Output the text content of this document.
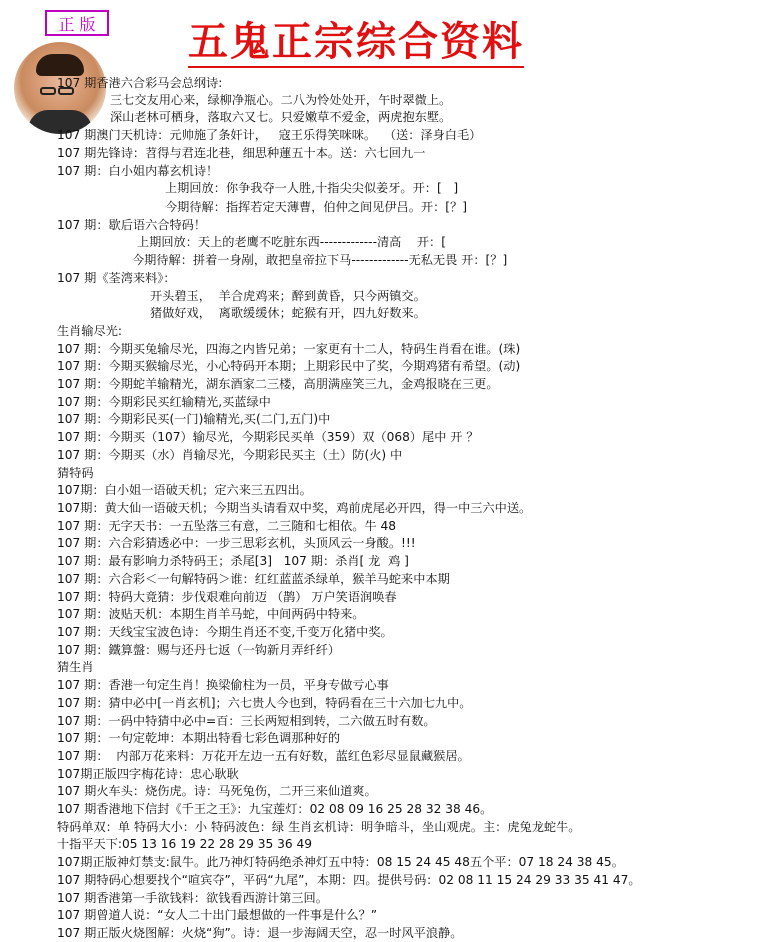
正 版	五鬼正宗综合资料
107 期香港六合彩马会总纲诗:
三七交友用心来，绿柳净瓶心。二八为怜处处开，午时翠微上。
深山老林可栖身，落取六又七。只爱嫩草不爱金，两虎抱东墅。
107 期澳门天机诗：元帅施了条奸计，   寇王乐得笑咪咪。  （送：泽身白毛）
107 期先锋诗：苕得与君连北巷，细思种蓮五十本。送：六七回九一
107 期：白小姐内幕玄机诗！
上期回放：你争我夺一人胜,十指尖尖似姜牙。开：[   ]
今期待解：指挥若定天薄曹，伯仲之间见伊吕。开：[？]
107 期：歇后语六合特码！
上期回放：天上的老鹰不吃脏东西-------------清高    开：[
今期待解：拼着一身剐，敢把皇帝拉下马-------------无私无畏 开：[？]
107 期《荃湾来料》：
开头碧玉，  羊合虎鸡来；醉到黄昏，只今两镇交。
猪做好戏，  离歌缓缓休；蛇猴有开，四九好数来。
生肖输尽光:
107 期：今期买兔输尽光，四海之内皆兄弟；一家更有十二人，特码生肖看在谁。(珠)
107 期：今期买猴输尽光，小心特码开本期；上期彩民中了奖，今期鸡猪有希望。(动)
107 期：今期蛇羊输精光，湖东酒家二三楼，高朋满座笑三九，金鸡报晓在三更。
107 期：今期彩民买红输精光,买蓝绿中
107 期：今期彩民买(一门)输精光,买(二门,五门)中
107 期：今期买（107）输尽光，今期彩民买单（359）双（068）尾中 开 ？
107 期：今期买（水）肖输尽光，今期彩民买主（土）防(火) 中
猜特码
107期：白小姐一语破天机；定六来三五四出。
107期：黄大仙一语破天机；今期当头请看双中奖，鸡前虎尾必开四，得一中三六中送。
107 期：无字天书：一五坠落三有意，二三随和七相依。牛 48
107 期：六合彩猜透必中：一步三思彩玄机，头顶风云一身酸。!!!
107 期：最有影响力杀特码王；杀尾[3]   107 期：杀肖[ 龙  鸡 ]
107 期：六合彩＜一句解特码＞谁：红红蓝蓝杀绿单，猴羊马蛇来中本期
107 期：特码大竟猜：步伐艰难向前迈 （鹊） 万户笑语润唤春
107 期：波贴天机：本期生肖羊马蛇，中间两码中特来。
107 期：天线宝宝波色诗：今期生肖还不变,千变万化猪中奖。
107 期：鐵算盤：赐与还丹七返（一钩新月弄纤纤）
猜生肖
107 期：香港一句定生肖！换梁偷柱为一员，平身专做亏心事
107 期：猜中必中[一肖玄机]；六七贵人今也到，特码看在三十六加七九中。
107 期：一码中特猜中必中=百：三长两短相到转，二六做五时有数。
107 期：一句定乾坤：本期出特看七彩色调那种好的
107 期：  内部万花来料：万花开左边一五有好数，蓝红色彩尽显鼠藏猴居。
107期正版四字梅花诗：忠心耿耿
107 期火车头：烧伤虎。诗：马死兔伤，二开三来仙道爽。
107 期香港地下信封《千王之王》：九宝莲灯：02 08 09 16 25 28 32 38 46。
特码单双：单 特码大小：小 特码波色：绿 生肖玄机诗：明争暗斗，坐山观虎。主：虎兔龙蛇牛。
十指平天下:05 13 16 19 22 28 29 35 36 49
107期正版神灯禁支:鼠牛。此乃神灯特码绝杀神灯五中特：08 15 24 45 48五个平：07 18 24 38 45。
107 期特码心想要找个“喧宾夺”，平码“九尾”，本期：四。提供号码：02 08 11 15 24 29 33 35 41 47。
107 期香港第一手欲钱料：欲钱看西游计第三回。
107 期曾道人说：“女人二十出门最想做的一件事是什么？”
107 期正版火烧图解：火烧“狗”。诗：退一步海阔天空，忍一时风平浪静。
